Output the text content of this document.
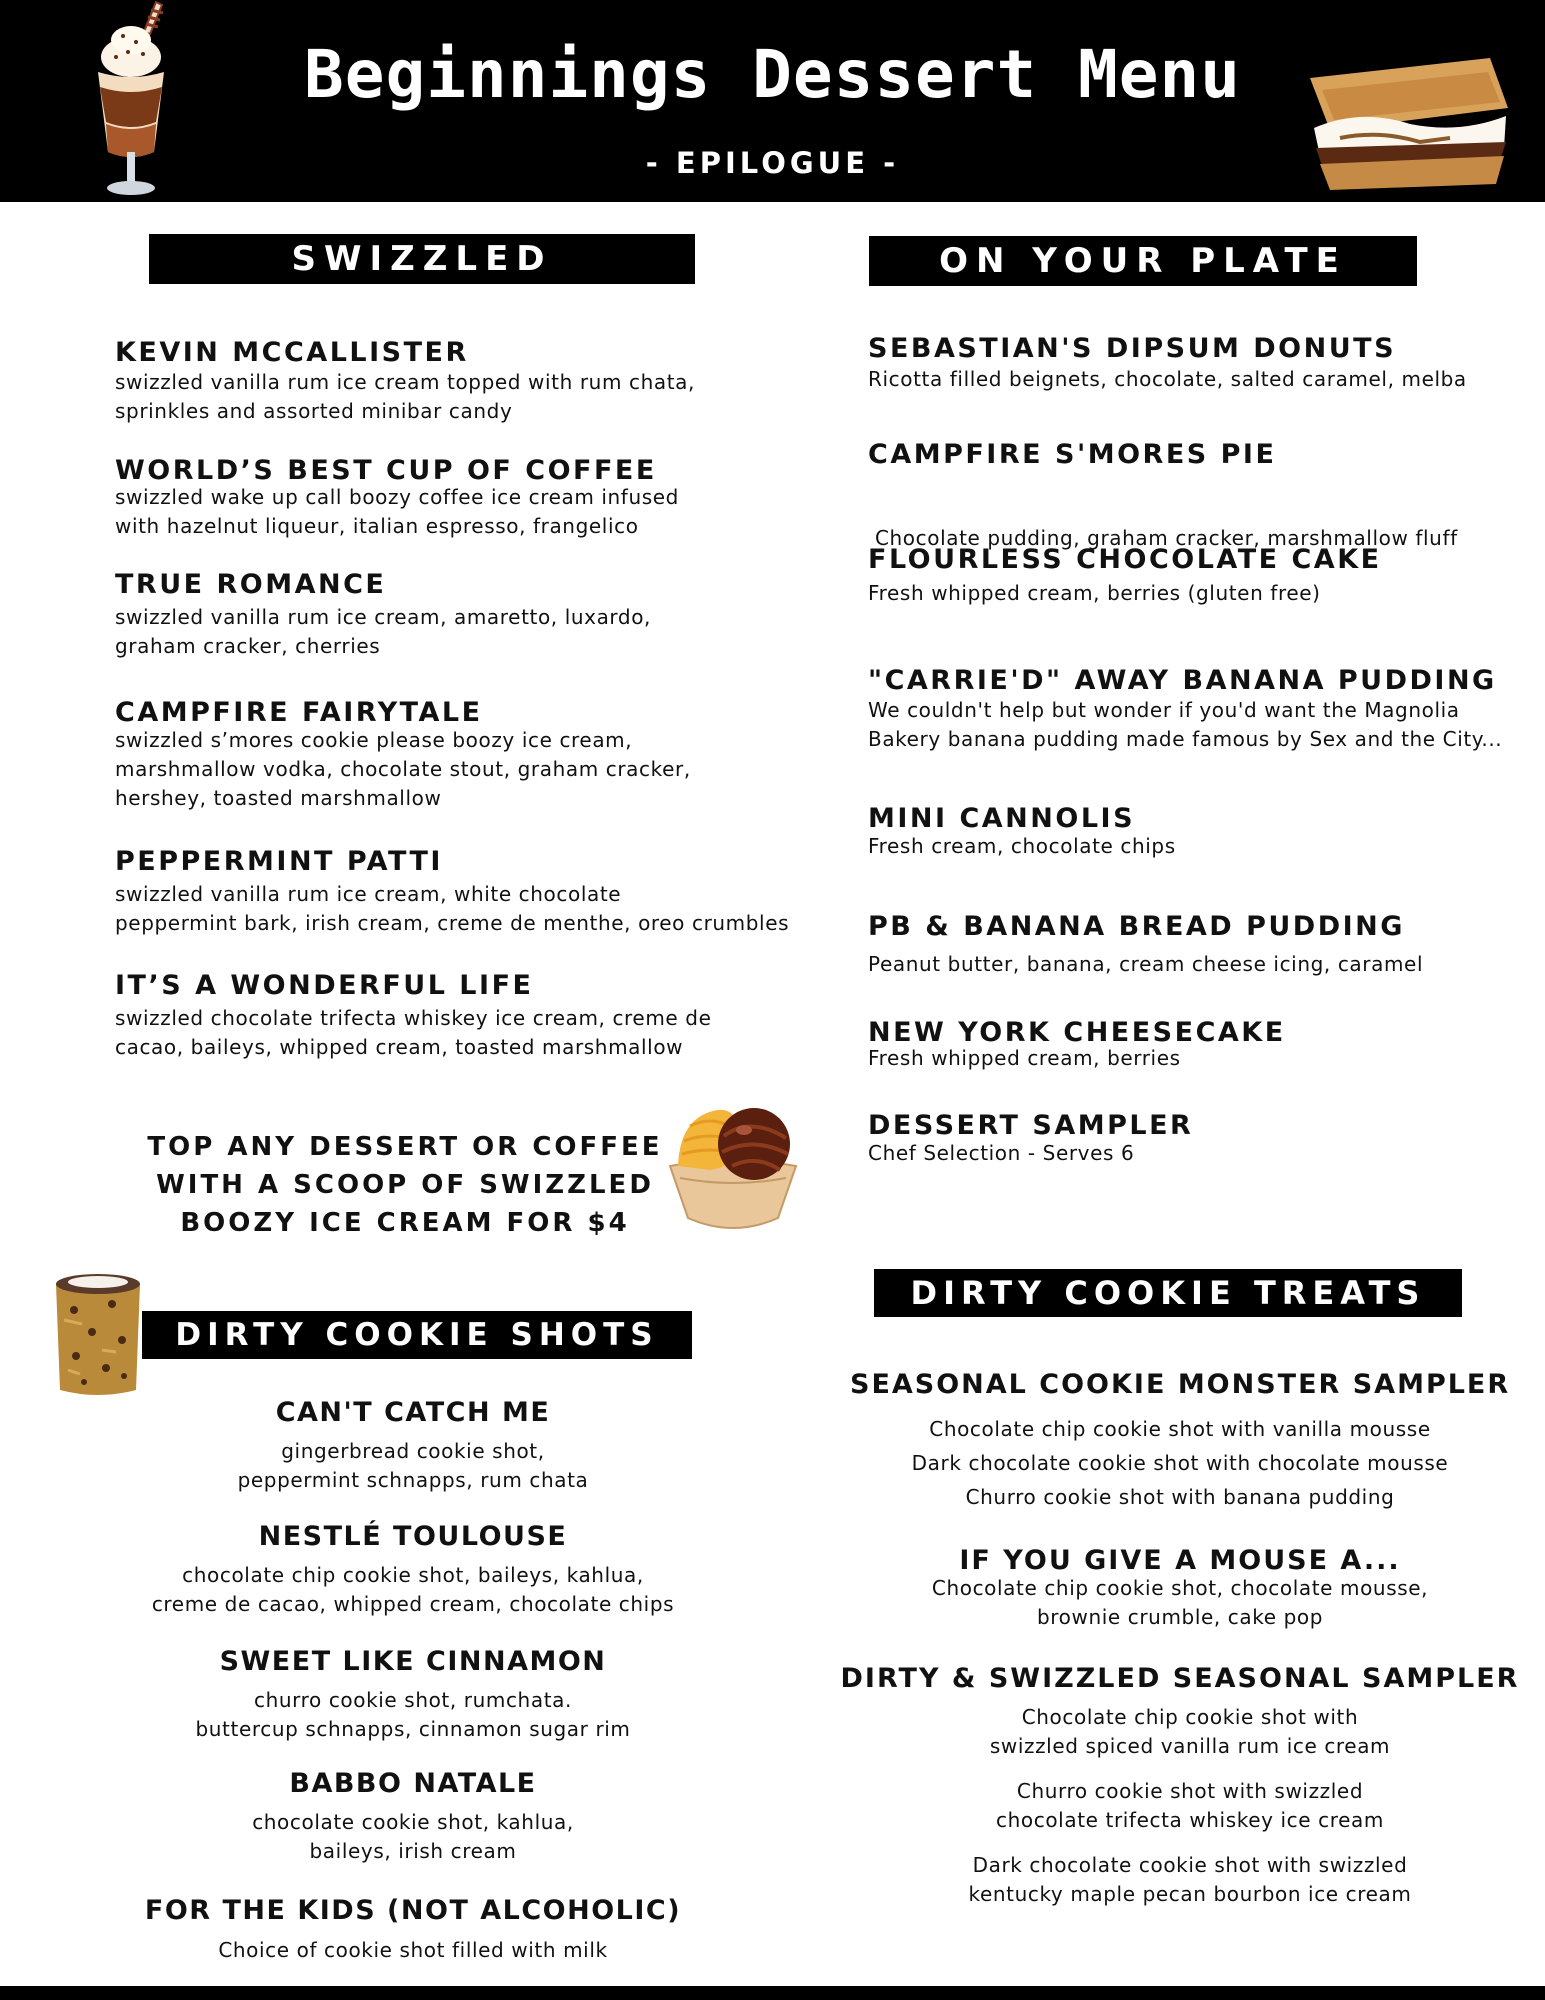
Beginnings Dessert Menu
- EPILOGUE -
SWIZZLED
KEVIN MCCALLISTER
swizzled vanilla rum ice cream topped with rum chata,
sprinkles and assorted minibar candy
WORLD’S BEST CUP OF COFFEE
swizzled wake up call boozy coffee ice cream infused
with hazelnut liqueur, italian espresso, frangelico
TRUE ROMANCE
swizzled vanilla rum ice cream, amaretto, luxardo,
graham cracker, cherries
CAMPFIRE FAIRYTALE
swizzled s’mores cookie please boozy ice cream,
marshmallow vodka, chocolate stout, graham cracker,
hershey, toasted marshmallow
PEPPERMINT PATTI
swizzled vanilla rum ice cream, white chocolate
peppermint bark, irish cream, creme de menthe, oreo crumbles
IT’S A WONDERFUL LIFE
swizzled chocolate trifecta whiskey ice cream, creme de
cacao, baileys, whipped cream, toasted marshmallow
TOP ANY DESSERT OR COFFEE
WITH A SCOOP OF SWIZZLED
BOOZY ICE CREAM FOR $4
DIRTY COOKIE SHOTS
CAN'T CATCH ME
gingerbread cookie shot,
peppermint schnapps, rum chata
NESTLÉ TOULOUSE
chocolate chip cookie shot, baileys, kahlua,
creme de cacao, whipped cream, chocolate chips
SWEET LIKE CINNAMON
churro cookie shot, rumchata.
buttercup schnapps, cinnamon sugar rim
BABBO NATALE
chocolate cookie shot, kahlua,
baileys, irish cream
FOR THE KIDS (NOT ALCOHOLIC)
Choice of cookie shot filled with milk
ON YOUR PLATE
SEBASTIAN'S DIPSUM DONUTS
Ricotta filled beignets, chocolate, salted caramel, melba
CAMPFIRE S'MORES PIE

Chocolate pudding, graham cracker, marshmallow fluff

FLOURLESS CHOCOLATE CAKE
Fresh whipped cream, berries (gluten free)
"CARRIE'D" AWAY BANANA PUDDING
We couldn't help but wonder if you'd want the Magnolia
Bakery banana pudding made famous by Sex and the City...
MINI CANNOLIS
Fresh cream, chocolate chips
PB & BANANA BREAD PUDDING
Peanut butter, banana, cream cheese icing, caramel
NEW YORK CHEESECAKE
Fresh whipped cream, berries
DESSERT SAMPLER
Chef Selection - Serves 6
DIRTY COOKIE TREATS
SEASONAL COOKIE MONSTER SAMPLER
Chocolate chip cookie shot with vanilla mousse
Dark chocolate cookie shot with chocolate mousse
Churro cookie shot with banana pudding
IF YOU GIVE A MOUSE A...
Chocolate chip cookie shot, chocolate mousse,
brownie crumble, cake pop
DIRTY & SWIZZLED SEASONAL SAMPLER
Chocolate chip cookie shot with
swizzled spiced vanilla rum ice cream
Churro cookie shot with swizzled
chocolate trifecta whiskey ice cream
Dark chocolate cookie shot with swizzled
kentucky maple pecan bourbon ice cream
